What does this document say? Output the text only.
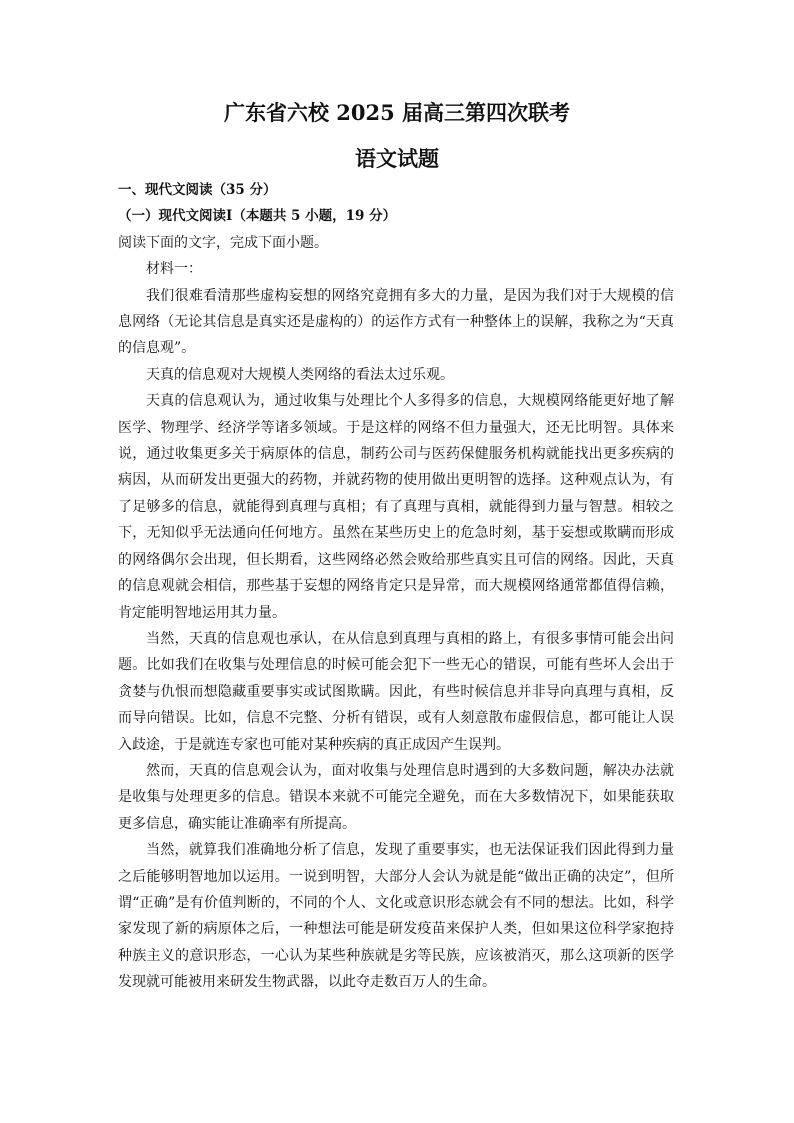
广东省六校 2025 届高三第四次联考
语文试题
一、现代文阅读（35 分）
（一）现代文阅读Ⅰ（本题共 5 小题，19 分）
阅读下面的文字，完成下面小题。
材料一：

我们很难看清那些虚构妄想的网络究竟拥有多大的力量，是因为我们对于大规模的信息网络（无论其信息是真实还是虚构的）的运作方式有一种整体上的误解，我称之为“天真的信息观”。

天真的信息观对大规模人类网络的看法太过乐观。

天真的信息观认为，通过收集与处理比个人多得多的信息，大规模网络能更好地了解医学、物理学、经济学等诸多领域。于是这样的网络不但力量强大，还无比明智。具体来说，通过收集更多关于病原体的信息，制药公司与医药保健服务机构就能找出更多疾病的病因，从而研发出更强大的药物，并就药物的使用做出更明智的选择。这种观点认为，有了足够多的信息，就能得到真理与真相；有了真理与真相，就能得到力量与智慧。相较之下，无知似乎无法通向任何地方。虽然在某些历史上的危急时刻，基于妄想或欺瞒而形成的网络偶尔会出现，但长期看，这些网络必然会败给那些真实且可信的网络。因此，天真的信息观就会相信，那些基于妄想的网络肯定只是异常，而大规模网络通常都值得信赖，肯定能明智地运用其力量。

当然，天真的信息观也承认，在从信息到真理与真相的路上，有很多事情可能会出问题。比如我们在收集与处理信息的时候可能会犯下一些无心的错误，可能有些坏人会出于贪婪与仇恨而想隐藏重要事实或试图欺瞒。因此，有些时候信息并非导向真理与真相，反而导向错误。比如，信息不完整、分析有错误，或有人刻意散布虚假信息，都可能让人误入歧途，于是就连专家也可能对某种疾病的真正成因产生误判。

然而，天真的信息观会认为，面对收集与处理信息时遇到的大多数问题，解决办法就是收集与处理更多的信息。错误本来就不可能完全避免，而在大多数情况下，如果能获取更多信息，确实能让准确率有所提高。

当然，就算我们准确地分析了信息，发现了重要事实，也无法保证我们因此得到力量之后能够明智地加以运用。一说到明智，大部分人会认为就是能“做出正确的决定”，但所谓“正确”是有价值判断的，不同的个人、文化或意识形态就会有不同的想法。比如，科学家发现了新的病原体之后，一种想法可能是研发疫苗来保护人类，但如果这位科学家抱持种族主义的意识形态，一心认为某些种族就是劣等民族，应该被消灭，那么这项新的医学发现就可能被用来研发生物武器，以此夺走数百万人的生命。
